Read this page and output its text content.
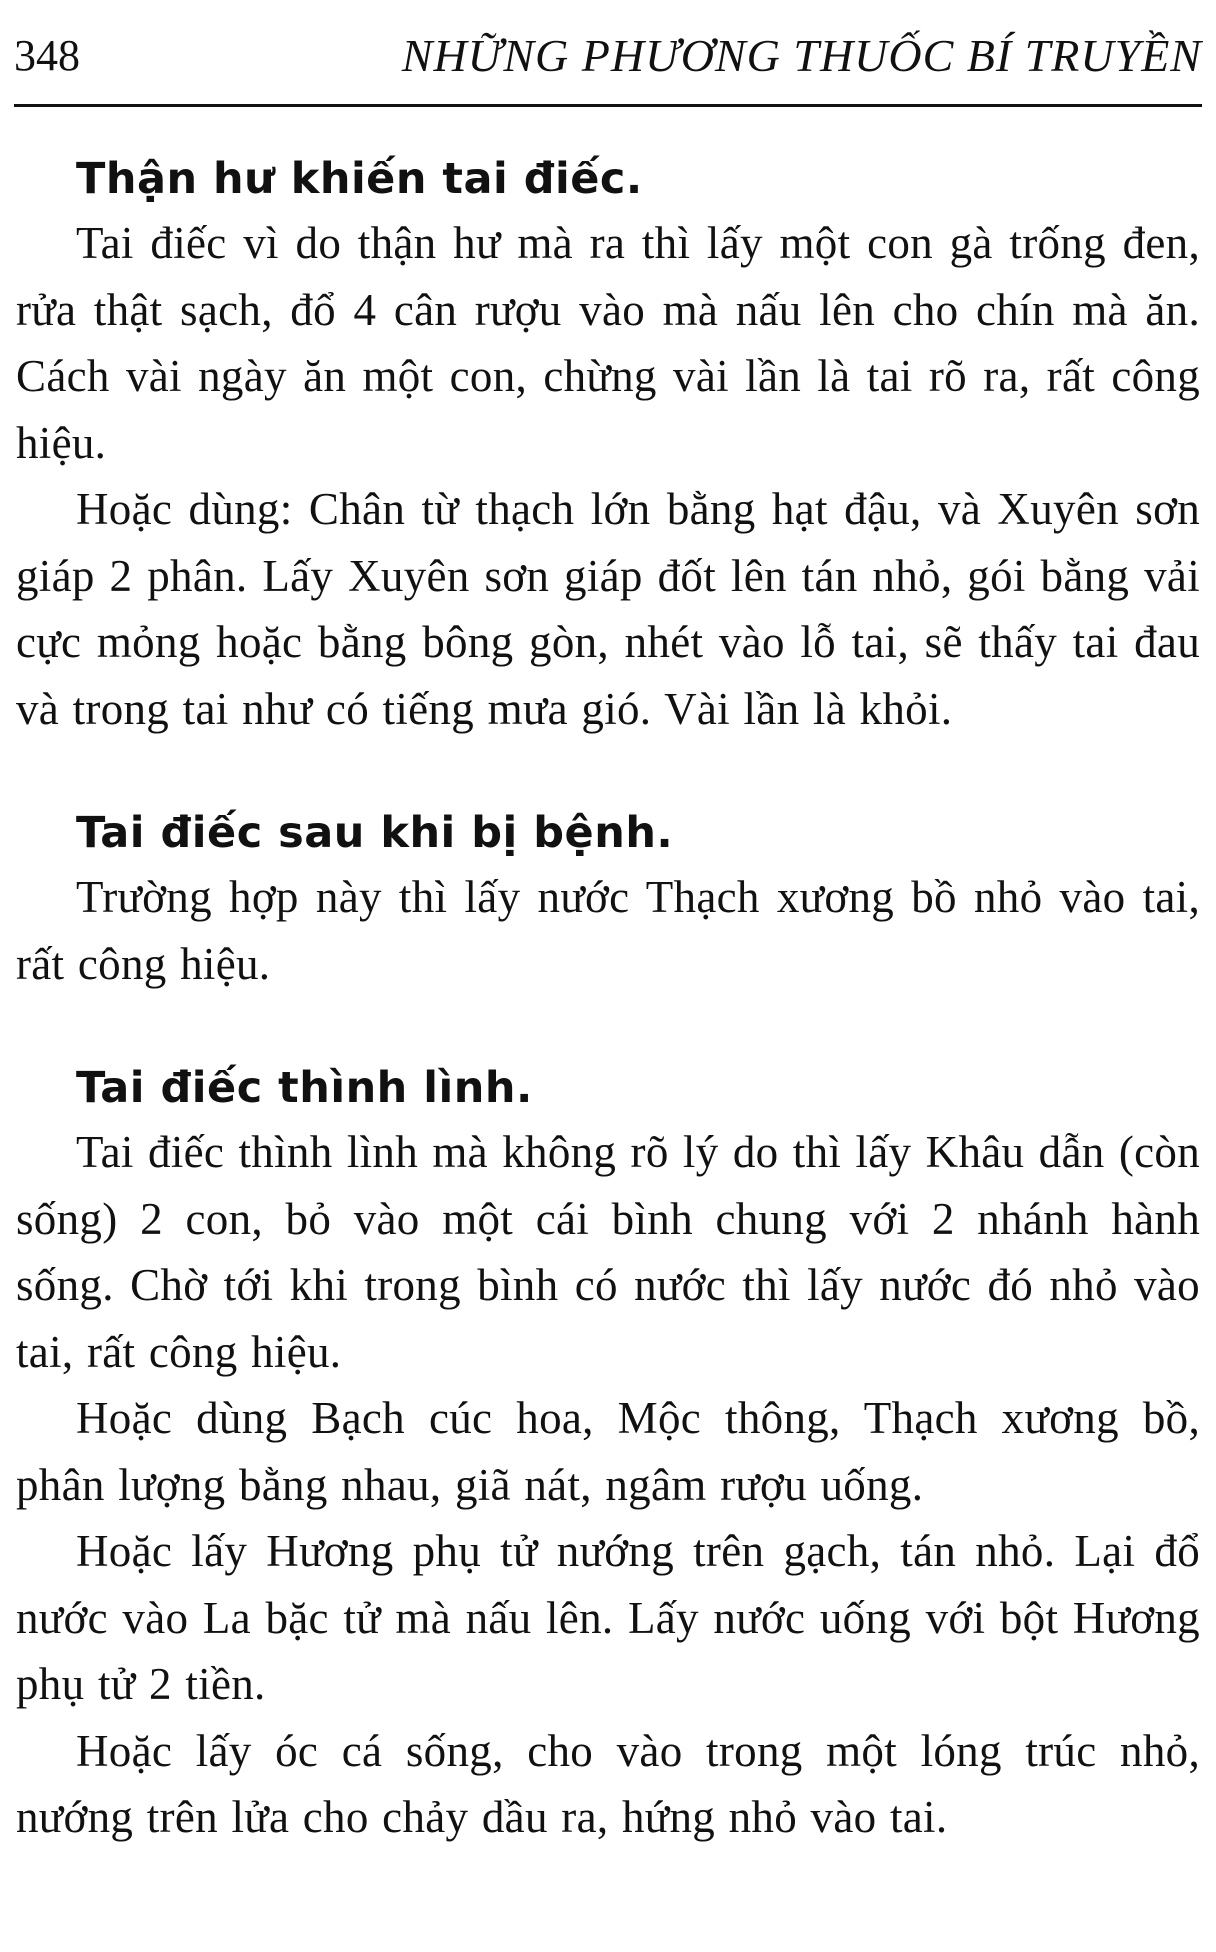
348	NHỮNG PHƯƠNG THUỐC BÍ TRUYỀN
Thận hư khiến tai điếc.

Tai điếc vì do thận hư mà ra thì lấy một con gà trống đen, rửa thật sạch, đổ 4 cân rượu vào mà nấu lên cho chín mà ăn. Cách vài ngày ăn một con, chừng vài lần là tai rõ ra, rất công hiệu.

Hoặc dùng: Chân từ thạch lớn bằng hạt đậu, và Xuyên sơn giáp 2 phân. Lấy Xuyên sơn giáp đốt lên tán nhỏ, gói bằng vải cực mỏng hoặc bằng bông gòn, nhét vào lỗ tai, sẽ thấy tai đau và trong tai như có tiếng mưa gió. Vài lần là khỏi.

Tai điếc sau khi bị bệnh.

Trường hợp này thì lấy nước Thạch xương bồ nhỏ vào tai, rất công hiệu.

Tai điếc thình lình.

Tai điếc thình lình mà không rõ lý do thì lấy Khâu dẫn (còn sống) 2 con, bỏ vào một cái bình chung với 2 nhánh hành sống. Chờ tới khi trong bình có nước thì lấy nước đó nhỏ vào tai, rất công hiệu.

Hoặc dùng Bạch cúc hoa, Mộc thông, Thạch xương bồ, phân lượng bằng nhau, giã nát, ngâm rượu uống.

Hoặc lấy Hương phụ tử nướng trên gạch, tán nhỏ. Lại đổ nước vào La bặc tử mà nấu lên. Lấy nước uống với bột Hương phụ tử 2 tiền.

Hoặc lấy óc cá sống, cho vào trong một lóng trúc nhỏ, nướng trên lửa cho chảy dầu ra, hứng nhỏ vào tai.
